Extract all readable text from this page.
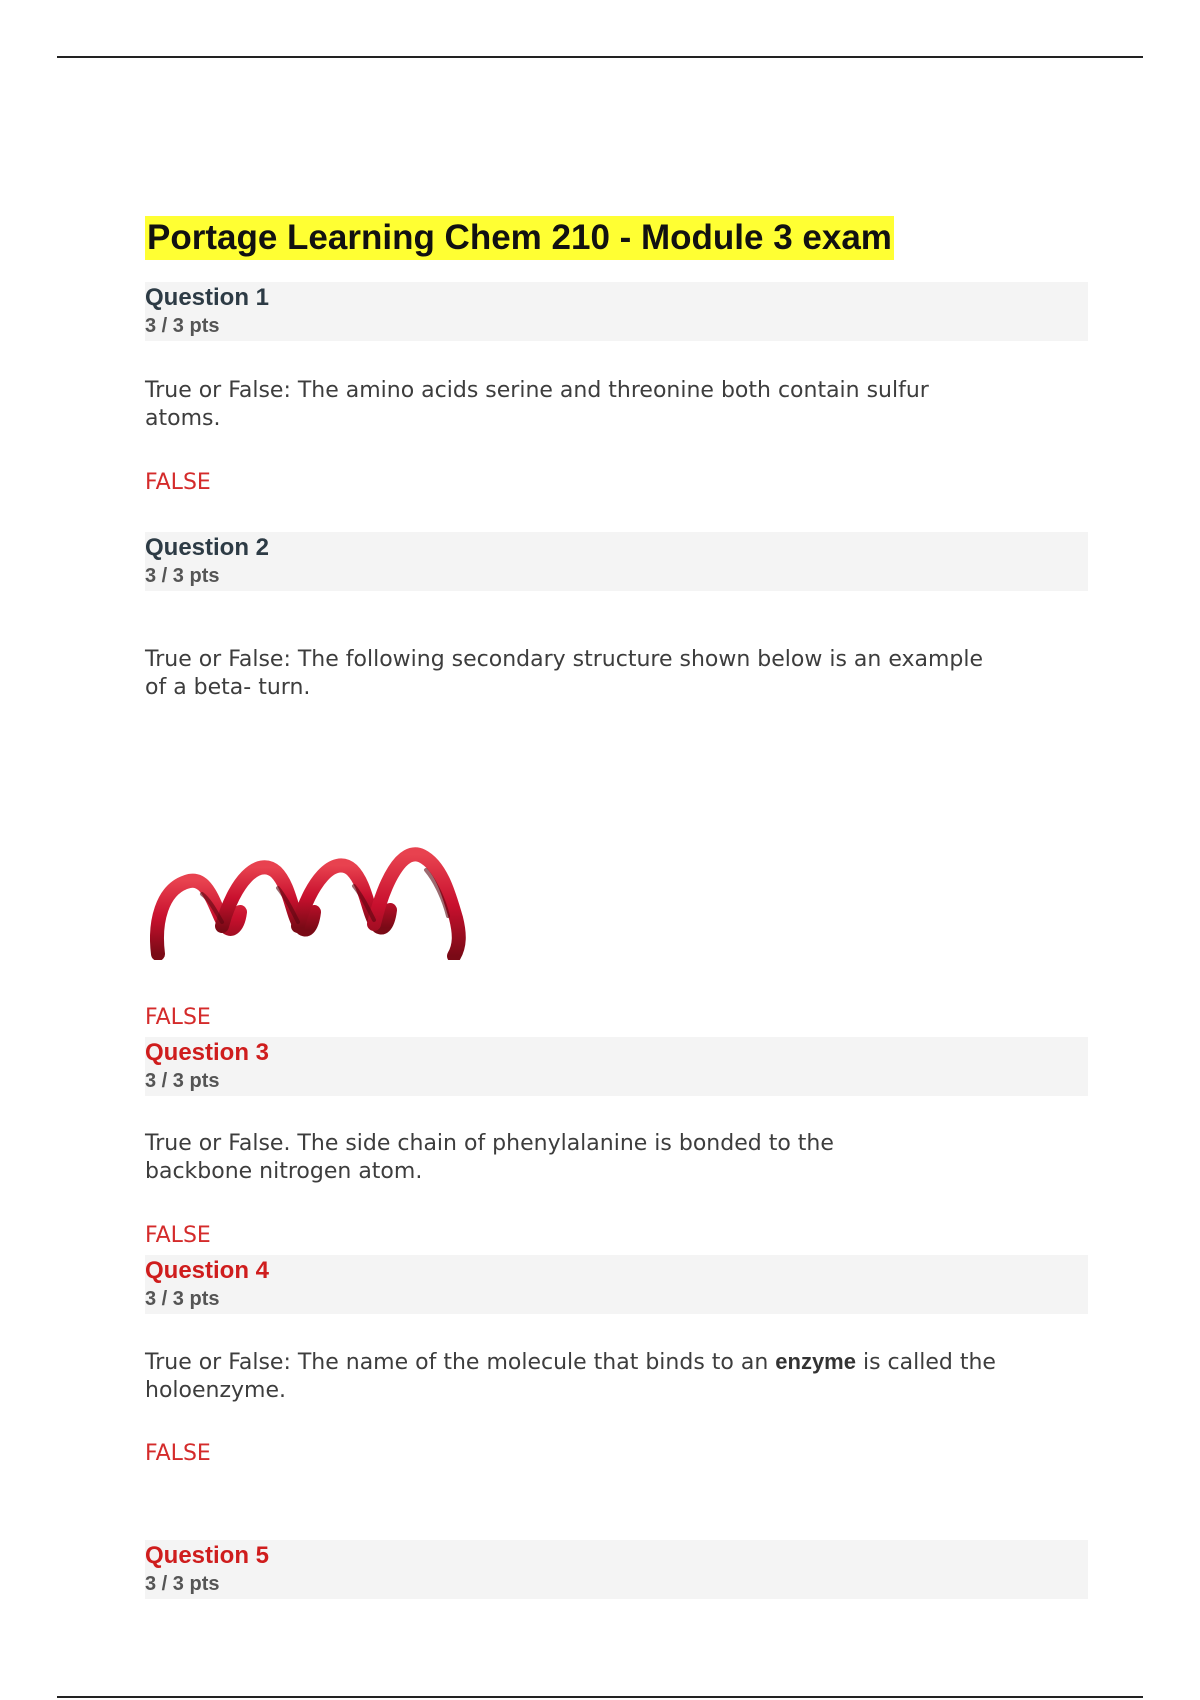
Portage Learning Chem 210 - Module 3 exam
Question 1
3 / 3 pts

True or False: The amino acids serine and threonine both contain sulfur
atoms.

FALSE
Question 2
3 / 3 pts

True or False: The following secondary structure shown below is an example
of a beta- turn.

FALSE
Question 3
3 / 3 pts

True or False. The side chain of phenylalanine is bonded to the
backbone nitrogen atom.

FALSE
Question 4
3 / 3 pts

True or False: The name of the molecule that binds to an enzyme is called the
holoenzyme.

FALSE
Question 5
3 / 3 pts
